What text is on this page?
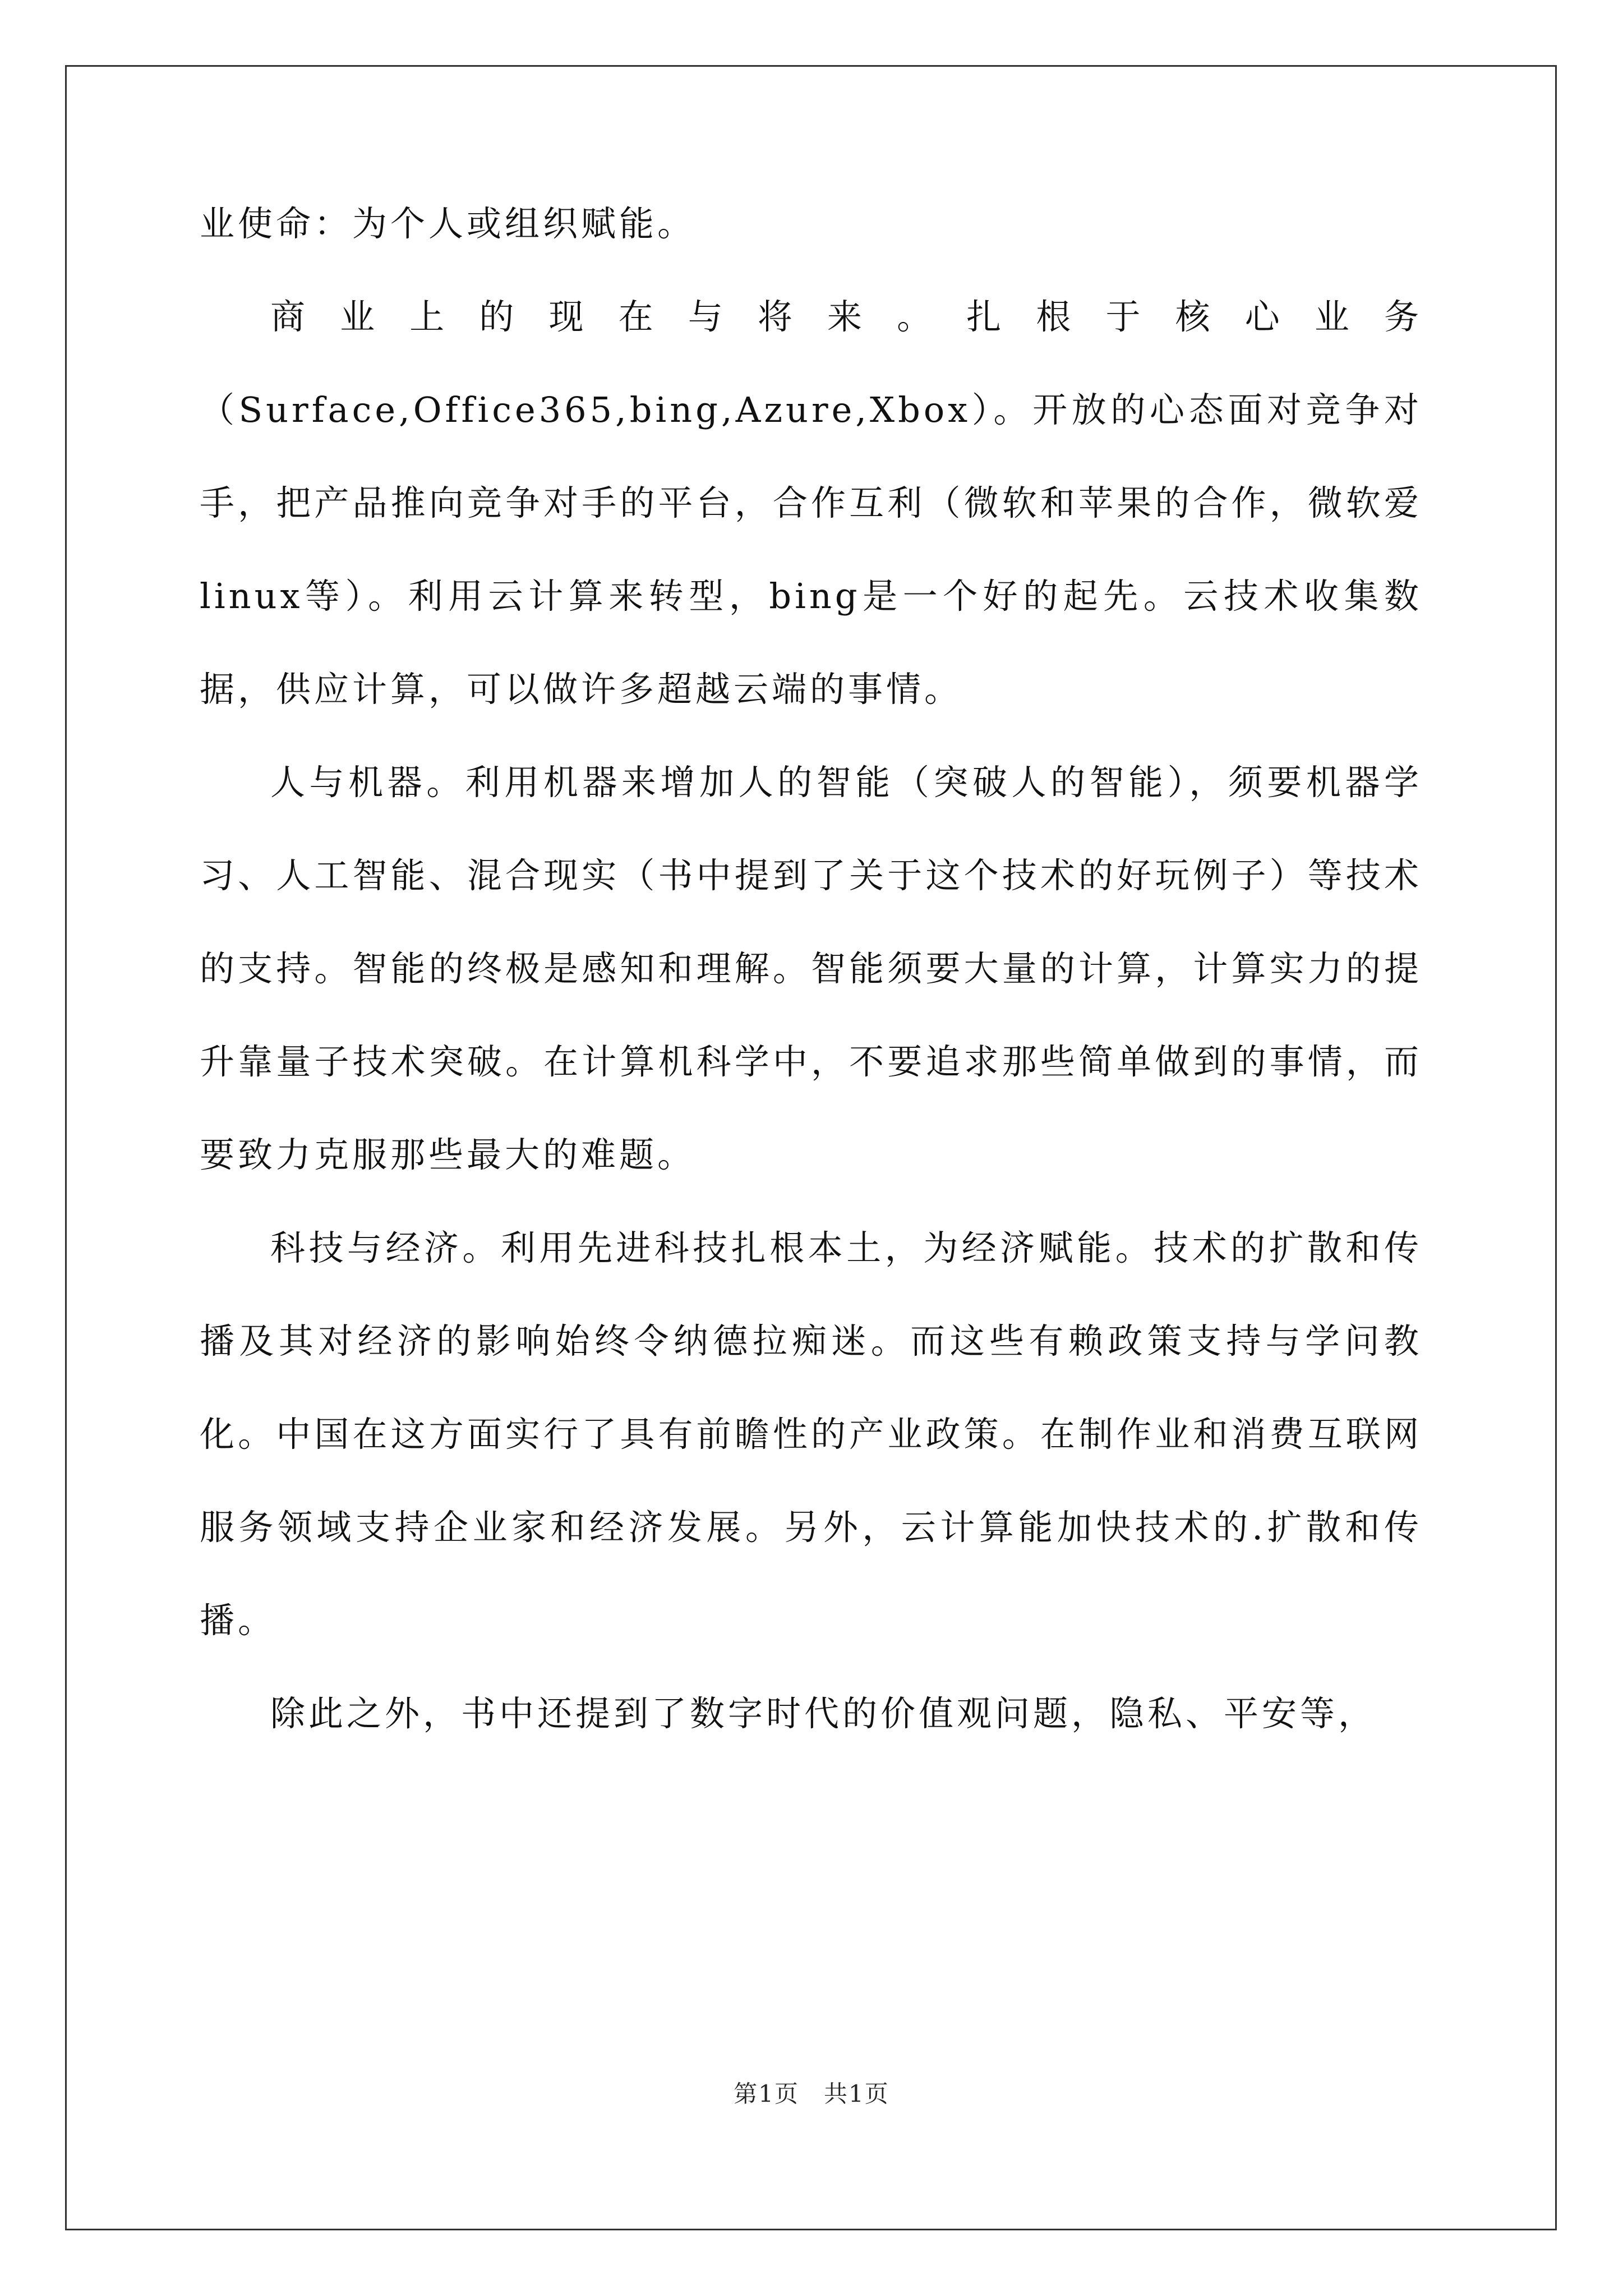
业使命：为个人或组织赋能。

商业上的现在与将来。扎根于核心业务（Surface,Office365,bing,Azure,Xbox）。开放的心态面对竞争对手，把产品推向竞争对手的平台，合作互利（微软和苹果的合作，微软爱linux等）。利用云计算来转型，bing是一个好的起先。云技术收集数据，供应计算，可以做许多超越云端的事情。

人与机器。利用机器来增加人的智能（突破人的智能），须要机器学习、人工智能、混合现实（书中提到了关于这个技术的好玩例子）等技术的支持。智能的终极是感知和理解。智能须要大量的计算，计算实力的提升靠量子技术突破。在计算机科学中，不要追求那些简单做到的事情，而要致力克服那些最大的难题。

科技与经济。利用先进科技扎根本土，为经济赋能。技术的扩散和传播及其对经济的影响始终令纳德拉痴迷。而这些有赖政策支持与学问教化。中国在这方面实行了具有前瞻性的产业政策。在制作业和消费互联网服务领域支持企业家和经济发展。另外，云计算能加快技术的.扩散和传播。

除此之外，书中还提到了数字时代的价值观问题，隐私、平安等，

第1页　共1页
